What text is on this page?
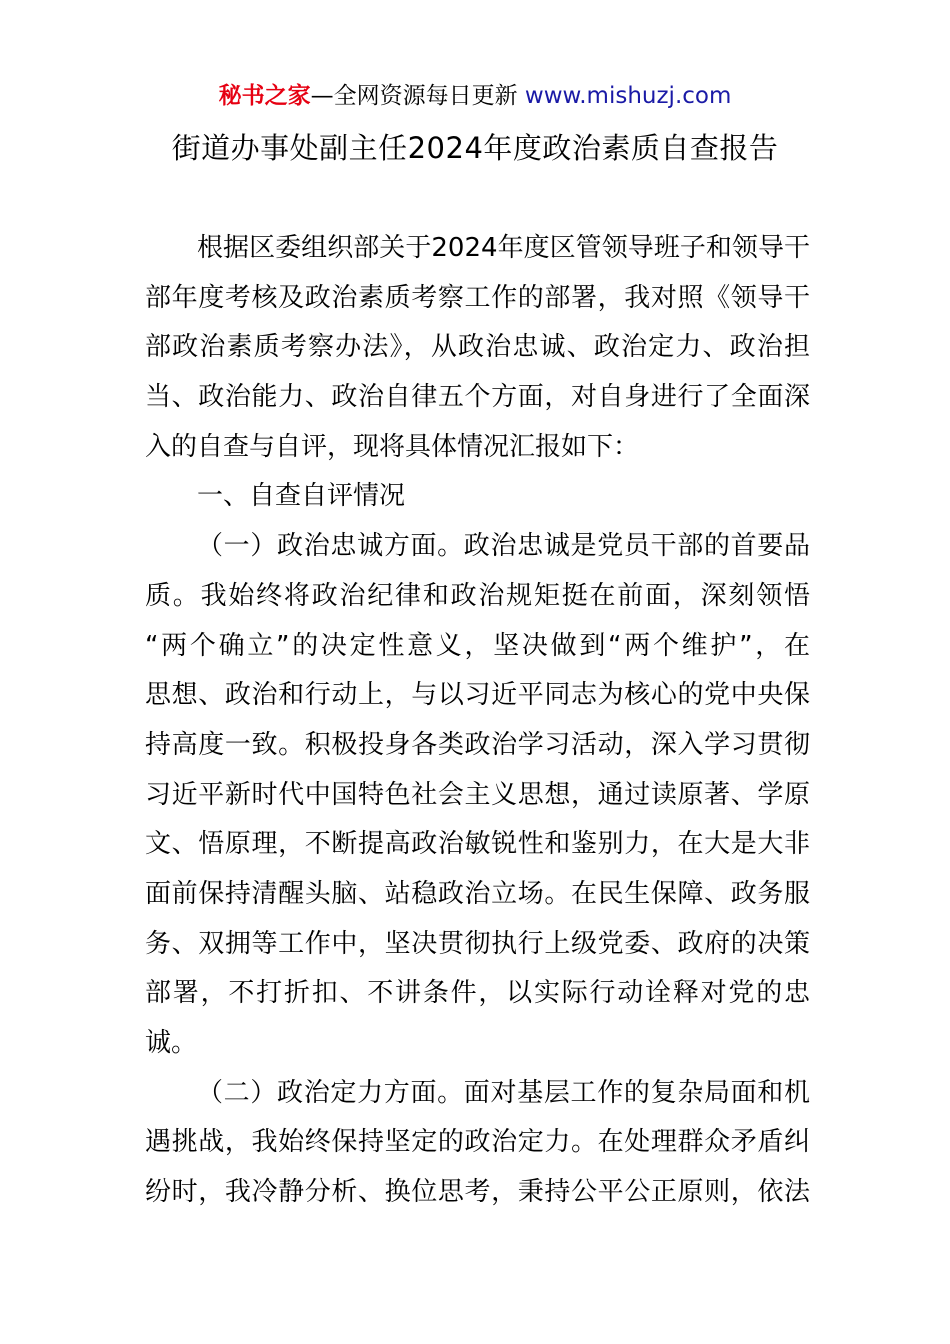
秘书之家—全网资源每日更新 www.mishuzj.com
街道办事处副主任2024年度政治素质自查报告
根据区委组织部关于2024年度区管领导班子和领导干
部年度考核及政治素质考察工作的部署，我对照《领导干
部政治素质考察办法》，从政治忠诚、政治定力、政治担
当、政治能力、政治自律五个方面，对自身进行了全面深
入的自查与自评，现将具体情况汇报如下：
一、自查自评情况
（一）政治忠诚方面。政治忠诚是党员干部的首要品
质。我始终将政治纪律和政治规矩挺在前面，深刻领悟
“两个确立”的决定性意义，坚决做到“两个维护”，在
思想、政治和行动上，与以习近平同志为核心的党中央保
持高度一致。积极投身各类政治学习活动，深入学习贯彻
习近平新时代中国特色社会主义思想，通过读原著、学原
文、悟原理，不断提高政治敏锐性和鉴别力，在大是大非
面前保持清醒头脑、站稳政治立场。在民生保障、政务服
务、双拥等工作中，坚决贯彻执行上级党委、政府的决策
部署，不打折扣、不讲条件，以实际行动诠释对党的忠
诚。
（二）政治定力方面。面对基层工作的复杂局面和机
遇挑战，我始终保持坚定的政治定力。在处理群众矛盾纠
纷时，我冷静分析、换位思考，秉持公平公正原则，依法
